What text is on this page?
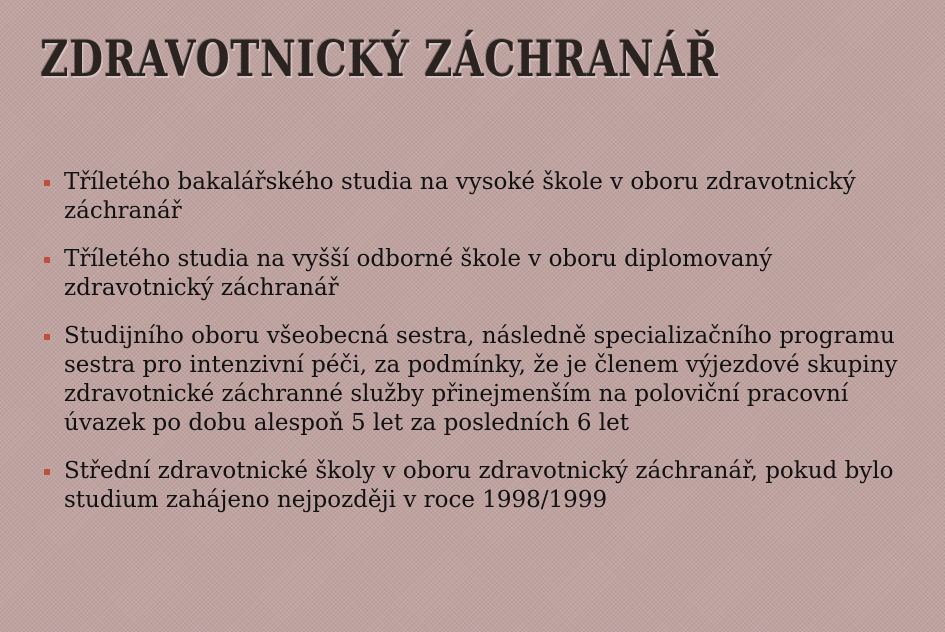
ZDRAVOTNICKÝ ZÁCHRANÁŘ
Tříletého bakalářského studia na vysoké škole v oboru zdravotnický záchranář
Tříletého studia na vyšší odborné škole v oboru diplomovaný zdravotnický záchranář
Studijního oboru všeobecná sestra, následně specializačního programu sestra pro intenzivní péči, za podmínky, že je členem výjezdové skupiny zdravotnické záchranné služby přinejmenším na poloviční pracovní úvazek po dobu alespoň 5 let za posledních 6 let
Střední zdravotnické školy v oboru zdravotnický záchranář, pokud bylo studium zahájeno nejpozději v roce 1998/1999
